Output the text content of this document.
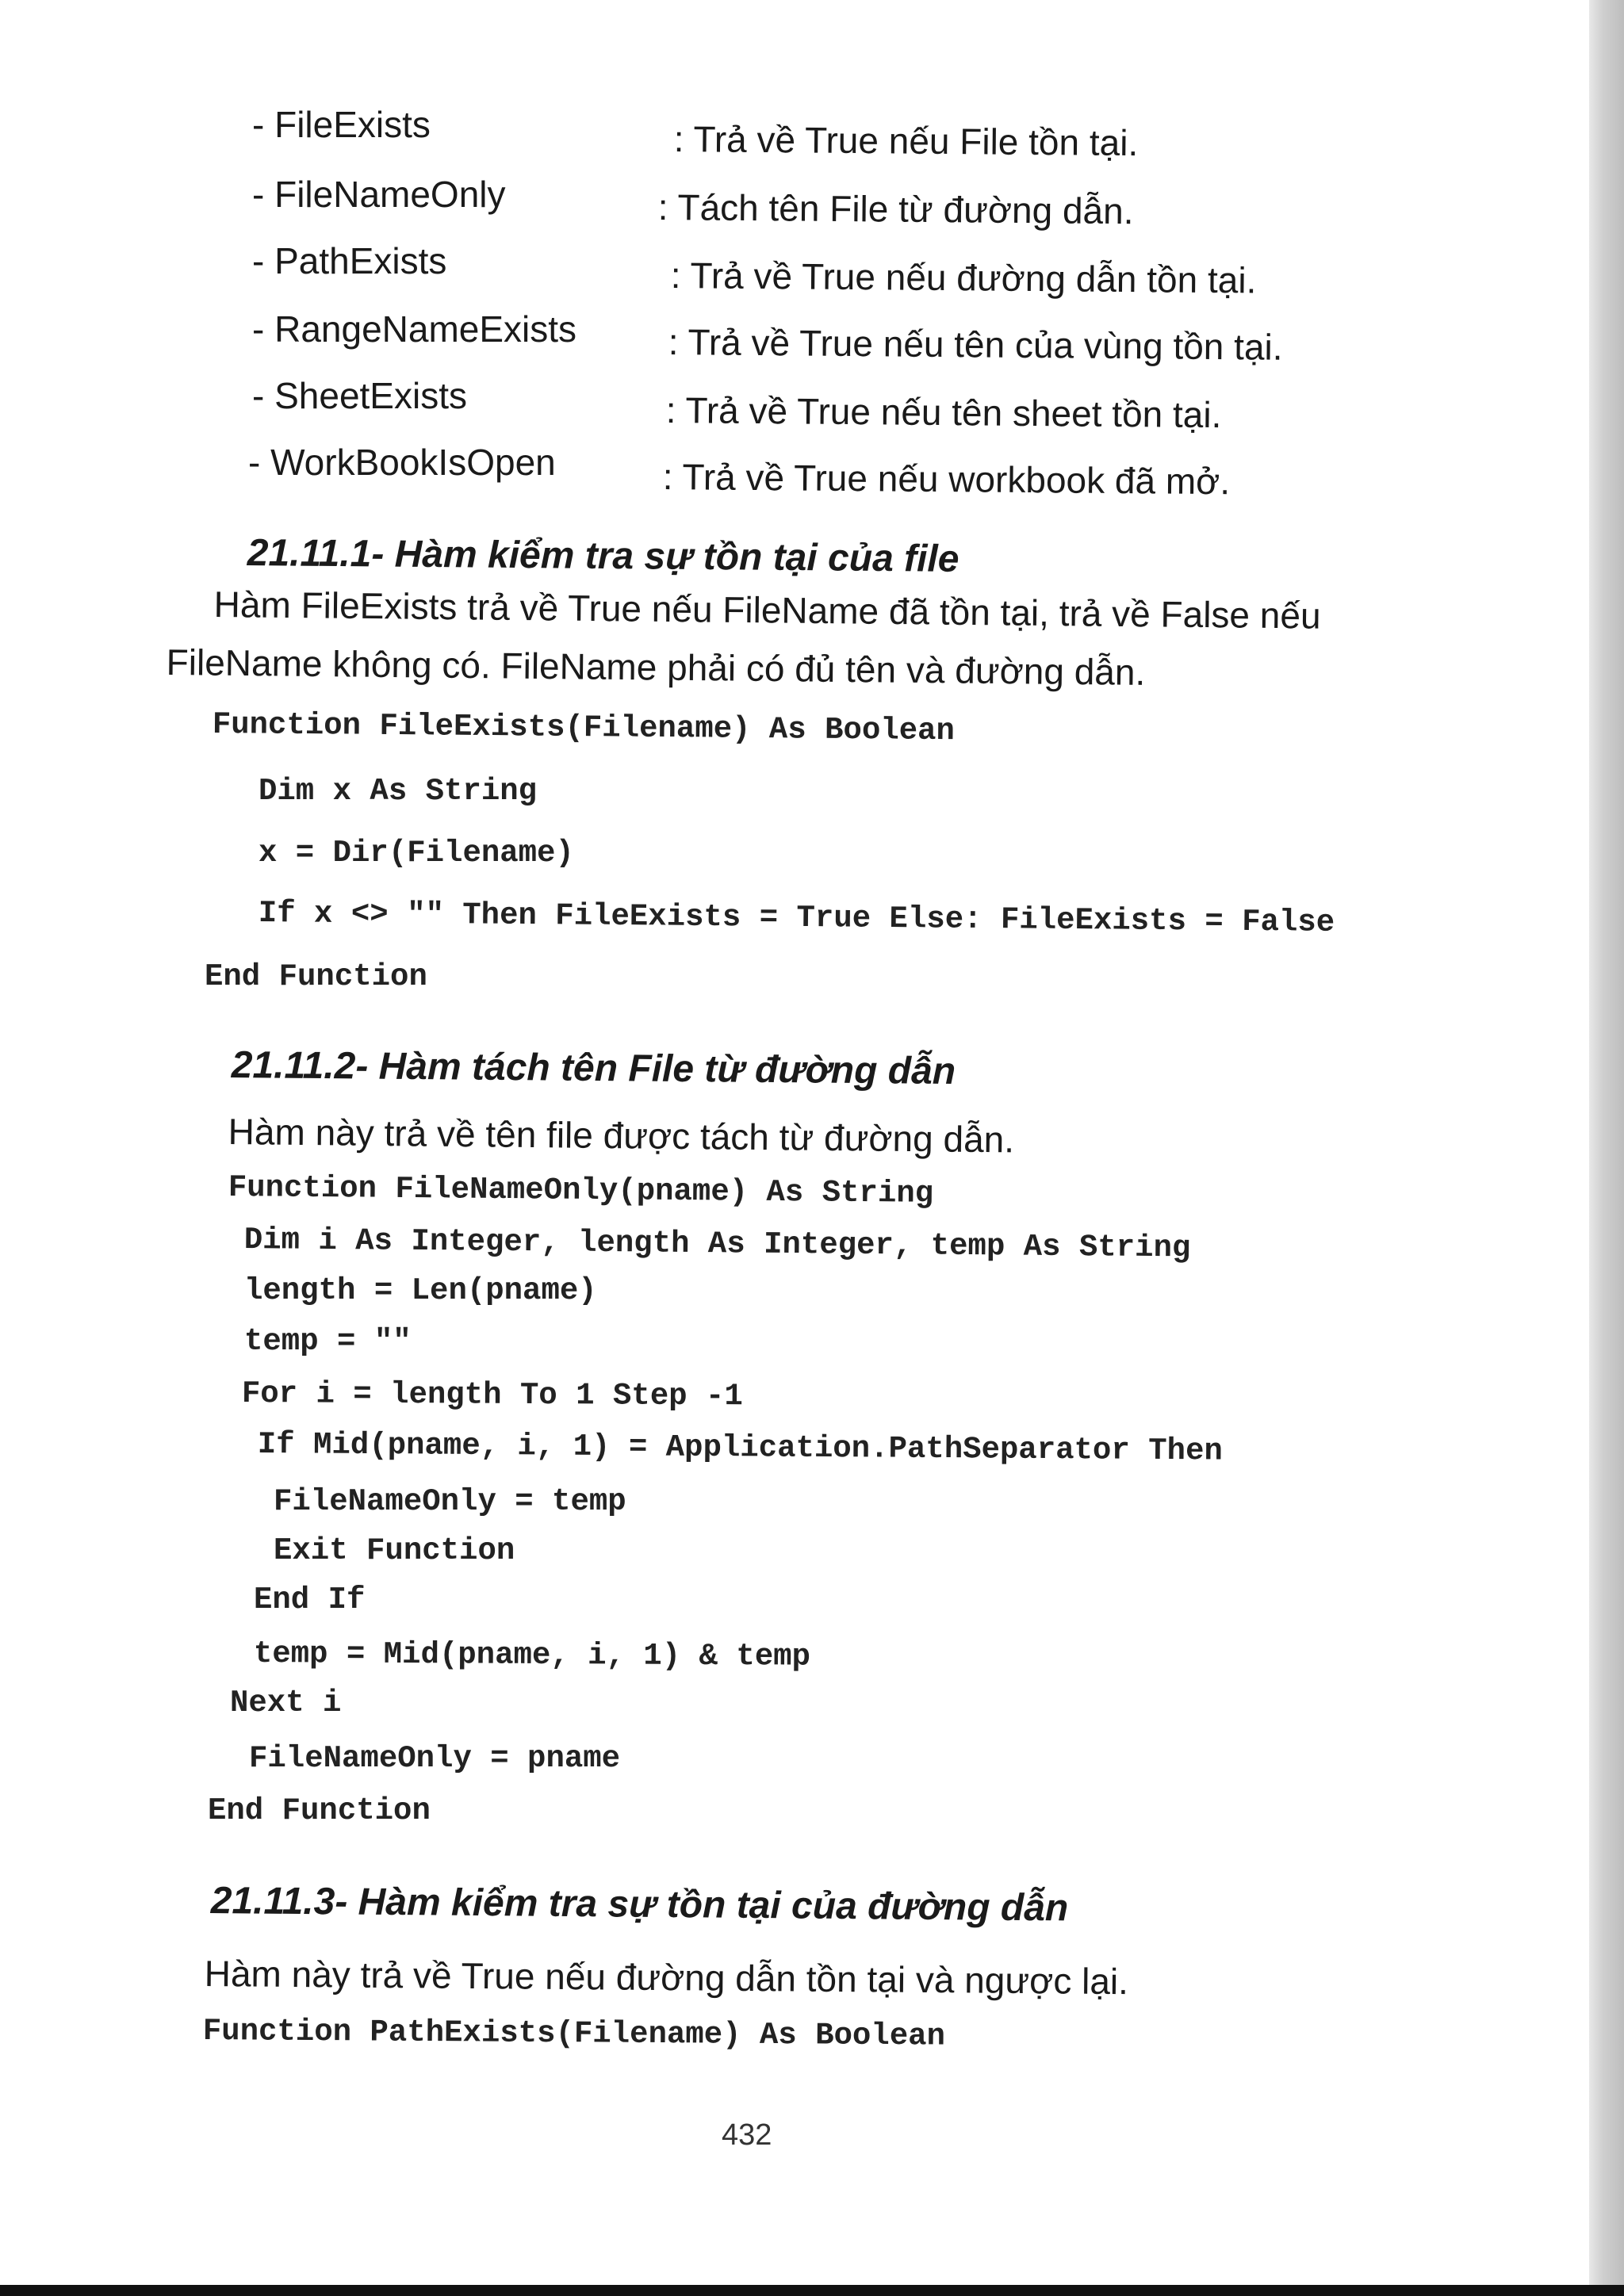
- FileExists	: Trả về True nếu File tồn tại.
- FileNameOnly	: Tách tên File từ đường dẫn.
- PathExists	: Trả về True nếu đường dẫn tồn tại.
- RangeNameExists	: Trả về True nếu tên của vùng tồn tại.
- SheetExists	: Trả về True nếu tên sheet tồn tại.
- WorkBookIsOpen	: Trả về True nếu workbook đã mở.
21.11.1- Hàm kiểm tra sự tồn tại của file
Hàm FileExists trả về True nếu FileName đã tồn tại, trả về False nếu
FileName không có. FileName phải có đủ tên và đường dẫn.
Function FileExists(Filename) As Boolean
Dim x As String
x = Dir(Filename)
If x <> "" Then FileExists = True Else: FileExists = False
End Function
21.11.2- Hàm tách tên File từ đường dẫn
Hàm này trả về tên file được tách từ đường dẫn.
Function FileNameOnly(pname) As String
Dim i As Integer, length As Integer, temp As String
length = Len(pname)
temp = ""
For i = length To 1 Step -1
If Mid(pname, i, 1) = Application.PathSeparator Then
FileNameOnly = temp
Exit Function
End If
temp = Mid(pname, i, 1) & temp
Next i
FileNameOnly = pname
End Function
21.11.3- Hàm kiểm tra sự tồn tại của đường dẫn
Hàm này trả về True nếu đường dẫn tồn tại và ngược lại.
Function PathExists(Filename) As Boolean
432
